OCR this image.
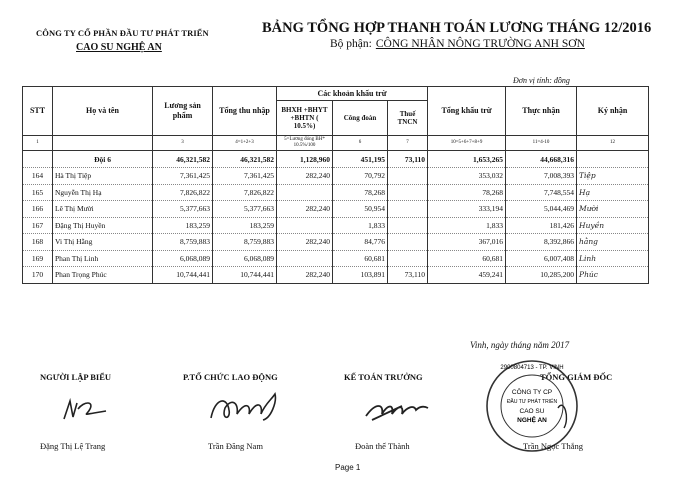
CÔNG TY CỔ PHẦN ĐẦU TƯ PHÁT TRIỂN
CAO SU NGHỆ AN
BẢNG TỔNG HỢP THANH TOÁN LƯƠNG THÁNG 12/2016
Bộ phận: CÔNG NHÂN NÔNG TRƯỜNG ANH SƠN
Đơn vị tính: đồng
STT	Họ và tên	Lương sản phẩm	Tổng thu nhập	Các khoản khấu trừ			Tổng khấu trừ	Thực nhận	Ký nhận
				BHXH +BHYT +BHTN ( 10.5%)	Công đoàn	Thuế TNCN			
1		3	4=1+2+3	5=Lương đóng BH* 10.5%/100	6	7	10=5+6+7+8+9	11=4-10	12
	Đội 6	46,321,582	46,321,582	1,128,960	451,195	73,110	1,653,265	44,668,316	
164	Hà Thị Tiệp	7,361,425	7,361,425	282,240	70,792		353,032	7,008,393	Tiệp
165	Nguyễn Thị Hạ	7,826,822	7,826,822		78,268		78,268	7,748,554	Hạ
166	Lê Thị Mười	5,377,663	5,377,663	282,240	50,954		333,194	5,044,469	Mười
167	Đặng Thị Huyền	183,259	183,259		1,833		1,833	181,426	Huyền
168	Vi Thị Hằng	8,759,883	8,759,883	282,240	84,776		367,016	8,392,866	hằng
169	Phan Thị Linh	6,068,089	6,068,089		60,681		60,681	6,007,408	Linh
170	Phan Trọng Phúc	10,744,441	10,744,441	282,240	103,891	73,110	459,241	10,285,200	Phúc
Vinh, ngày tháng năm 2017
NGƯỜI LẬP BIỂU	P.TỔ CHỨC LAO ĐỘNG	KẾ TOÁN TRƯỞNG	TỔNG GIÁM ĐỐC
2900804713 - TP. VINH
CÔNG TY CP
ĐẦU TƯ PHÁT TRIỂN
CAO SU
NGHỆ AN
Đặng Thị Lệ Trang	Trần Đăng Nam	Đoàn thế Thành	Trần Ngọc Thắng
Page 1
